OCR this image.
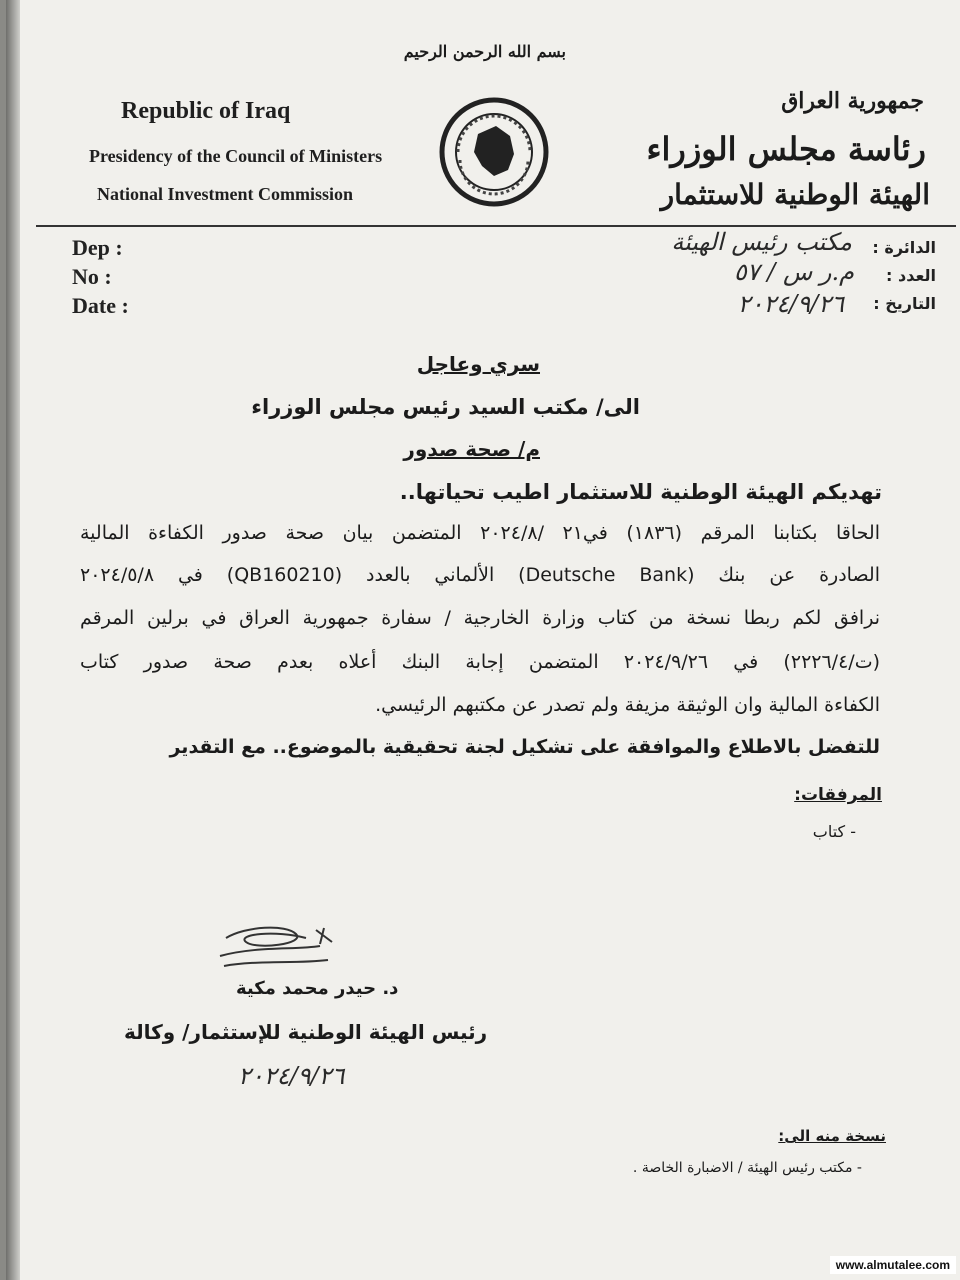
بسم الله الرحمن الرحيم
Republic of Iraq
Presidency of the Council of Ministers
National Investment Commission
جمهورية العراق
رئاسة مجلس الوزراء
الهيئة الوطنية للاستثمار
Dep :
No :
Date :
الدائرة :
العدد :
التاريخ :
مكتب رئيس الهيئة
م.ر س / ٥٧
٢٠٢٤/٩/٢٦
سري وعاجل
الى/ مكتب السيد رئيس مجلس الوزراء
م/ صحة صدور
تهديكم الهيئة الوطنية للاستثمار اطيب تحياتها..
الحاقا بكتابنا المرقم (١٨٣٦) في٢١ /٢٠٢٤/٨ المتضمن بيان صحة صدور الكفاءة المالية
الصادرة عن بنك (Deutsche Bank) الألماني بالعدد (QB160210) في ٢٠٢٤/٥/٨
نرافق لكم ربطا نسخة من كتاب وزارة الخارجية / سفارة جمهورية العراق في برلين المرقم
(ت/٢٢٢٦/٤) في ٢٠٢٤/٩/٢٦ المتضمن إجابة البنك أعلاه بعدم صحة صدور كتاب
الكفاءة المالية وان الوثيقة مزيفة ولم تصدر عن مكتبهم الرئيسي.
للتفضل بالاطلاع والموافقة على تشكيل لجنة تحقيقية بالموضوع.. مع التقدير
المرفقات:
- كتاب
د. حيدر محمد مكية
رئيس الهيئة الوطنية للإستثمار/ وكالة
٢٠٢٤/٩/٢٦
نسخة منه الى:
- مكتب رئيس الهيئة / الاضبارة الخاصة .
www.almutalee.com
